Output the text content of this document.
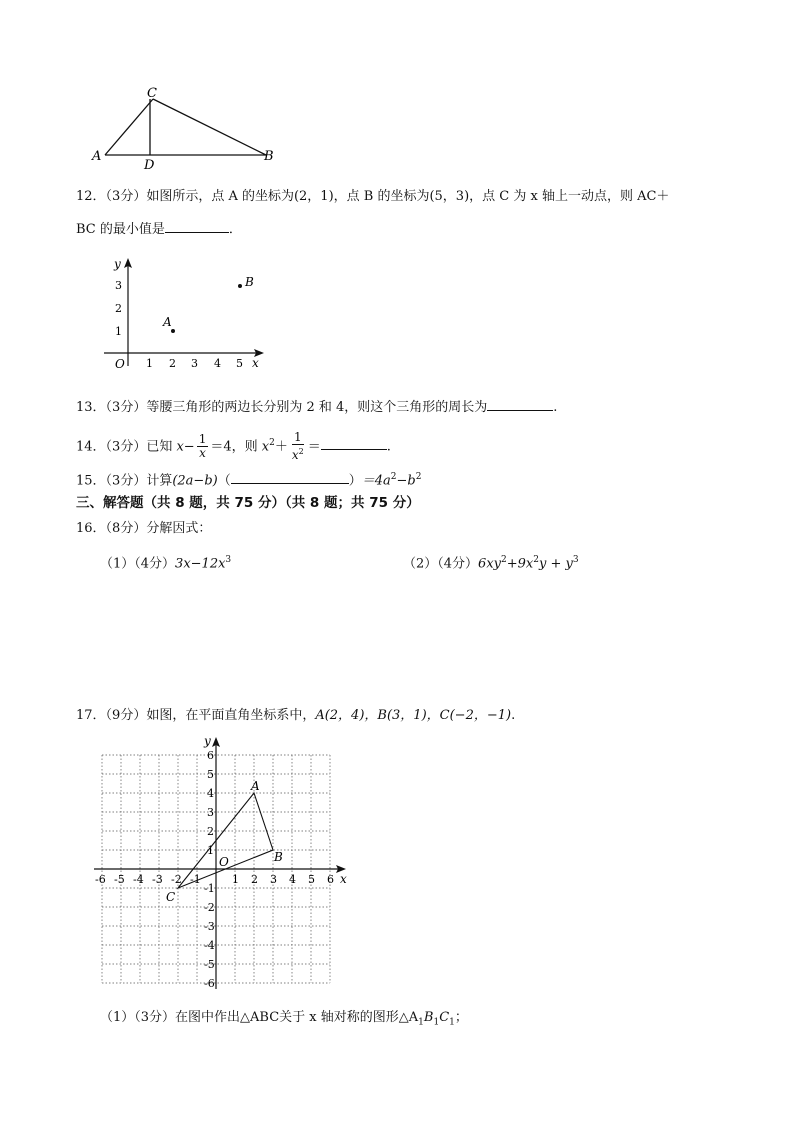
C
A
D
B
12．（3分）如图所示，点 A 的坐标为(2，1)，点 B 的坐标为(5，3)，点 C 为 x 轴上一动点，则 AC＋
BC 的最小值是	．
y
x
O 1 2 3 4 5
1
2
3
A
B
13．（3分）等腰三角形的两边长分别为 2 和 4，则这个三角形的周长为	.
14．（3分）已知 $x- \frac{1}{x} =4$，则 $x^2+ \frac{1}{x^2}$ ＝	.
15．（3分）计算(2a−b)（	）$=4a^2-b^2$
三、解答题（共 8 题，共 75 分）（共 8 题；共 75 分）
16．（8分）分解因式：
（1）（4分）$3x-12x^3$	（2）（4分）$6xy^2+9x^2y + y^3$
17．（9分）如图，在平面直角坐标系中，A(2，4)，B(3，1)，C(−2，−1).
y
x
O
-6 -5 -4 -3 -2 -1	1 2 3 4 5 6
6
5
4
3
2
1
-1
-2
-3
-4
-5
-6
A
B
C
（1）（3分）在图中作出△ABC关于 x 轴对称的图形$\triangle A_1B_1C_1$；
